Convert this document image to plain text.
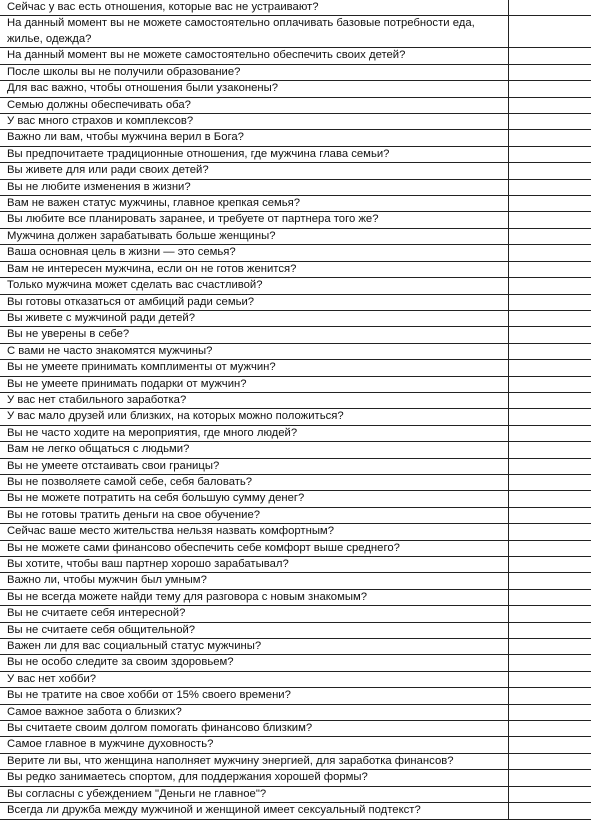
Сейчас у вас есть отношения, которые вас не устраивают?	
На данный момент вы не можете самостоятельно оплачивать базовые потребности еда, жилье, одежда?	
На данный момент вы не можете самостоятельно обеспечить своих детей?	
После школы вы не получили образование?	
Для вас важно, чтобы отношения были узаконены?	
Семью должны обеспечивать оба?	
У вас много страхов и комплексов?	
Важно ли вам, чтобы мужчина верил в Бога?	
Вы предпочитаете традиционные отношения, где мужчина глава семьи?	
Вы живете для или ради своих детей?	
Вы не любите изменения в жизни?	
Вам не важен статус мужчины, главное крепкая семья?	
Вы любите все планировать заранее, и требуете от партнера того же?	
Мужчина должен зарабатывать больше женщины?	
Ваша основная цель в жизни — это семья?	
Вам не интересен мужчина, если он не готов женится?	
Только мужчина может сделать вас счастливой?	
Вы готовы отказаться от амбиций ради семьи?	
Вы живете с мужчиной ради детей?	
Вы не уверены в себе?	
С вами не часто знакомятся мужчины?	
Вы не умеете принимать комплименты от мужчин?	
Вы не умеете принимать подарки от мужчин?	
У вас нет стабильного заработка?	
У вас мало друзей или близких, на которых можно положиться?	
Вы не часто ходите на мероприятия, где много людей?	
Вам не легко общаться с людьми?	
Вы не умеете отстаивать свои границы?	
Вы не позволяете самой себе, себя баловать?	
Вы не можете потратить на себя большую сумму денег?	
Вы не готовы тратить деньги на свое обучение?	
Сейчас ваше место жительства нельзя назвать комфортным?	
Вы не можете сами финансово обеспечить себе комфорт выше среднего?	
Вы хотите, чтобы ваш партнер хорошо зарабатывал?	
Важно ли, чтобы мужчин был умным?	
Вы не всегда можете найди тему для разговора с новым знакомым?	
Вы не считаете себя интересной?	
Вы не считаете себя общительной?	
Важен ли для вас социальный статус мужчины?	
Вы не особо следите за своим здоровьем?	
У вас нет хобби?	
Вы не тратите на свое хобби от 15% своего времени?	
Самое важное забота о близких?	
Вы считаете своим долгом помогать финансово близким?	
Самое главное в мужчине духовность?	
Верите ли вы, что женщина наполняет мужчину энергией, для заработка финансов?	
Вы редко занимаетесь спортом, для поддержания хорошей формы?	
Вы согласны с убеждением "Деньги не главное"?	
Всегда ли дружба между мужчиной и женщиной имеет сексуальный подтекст?	
